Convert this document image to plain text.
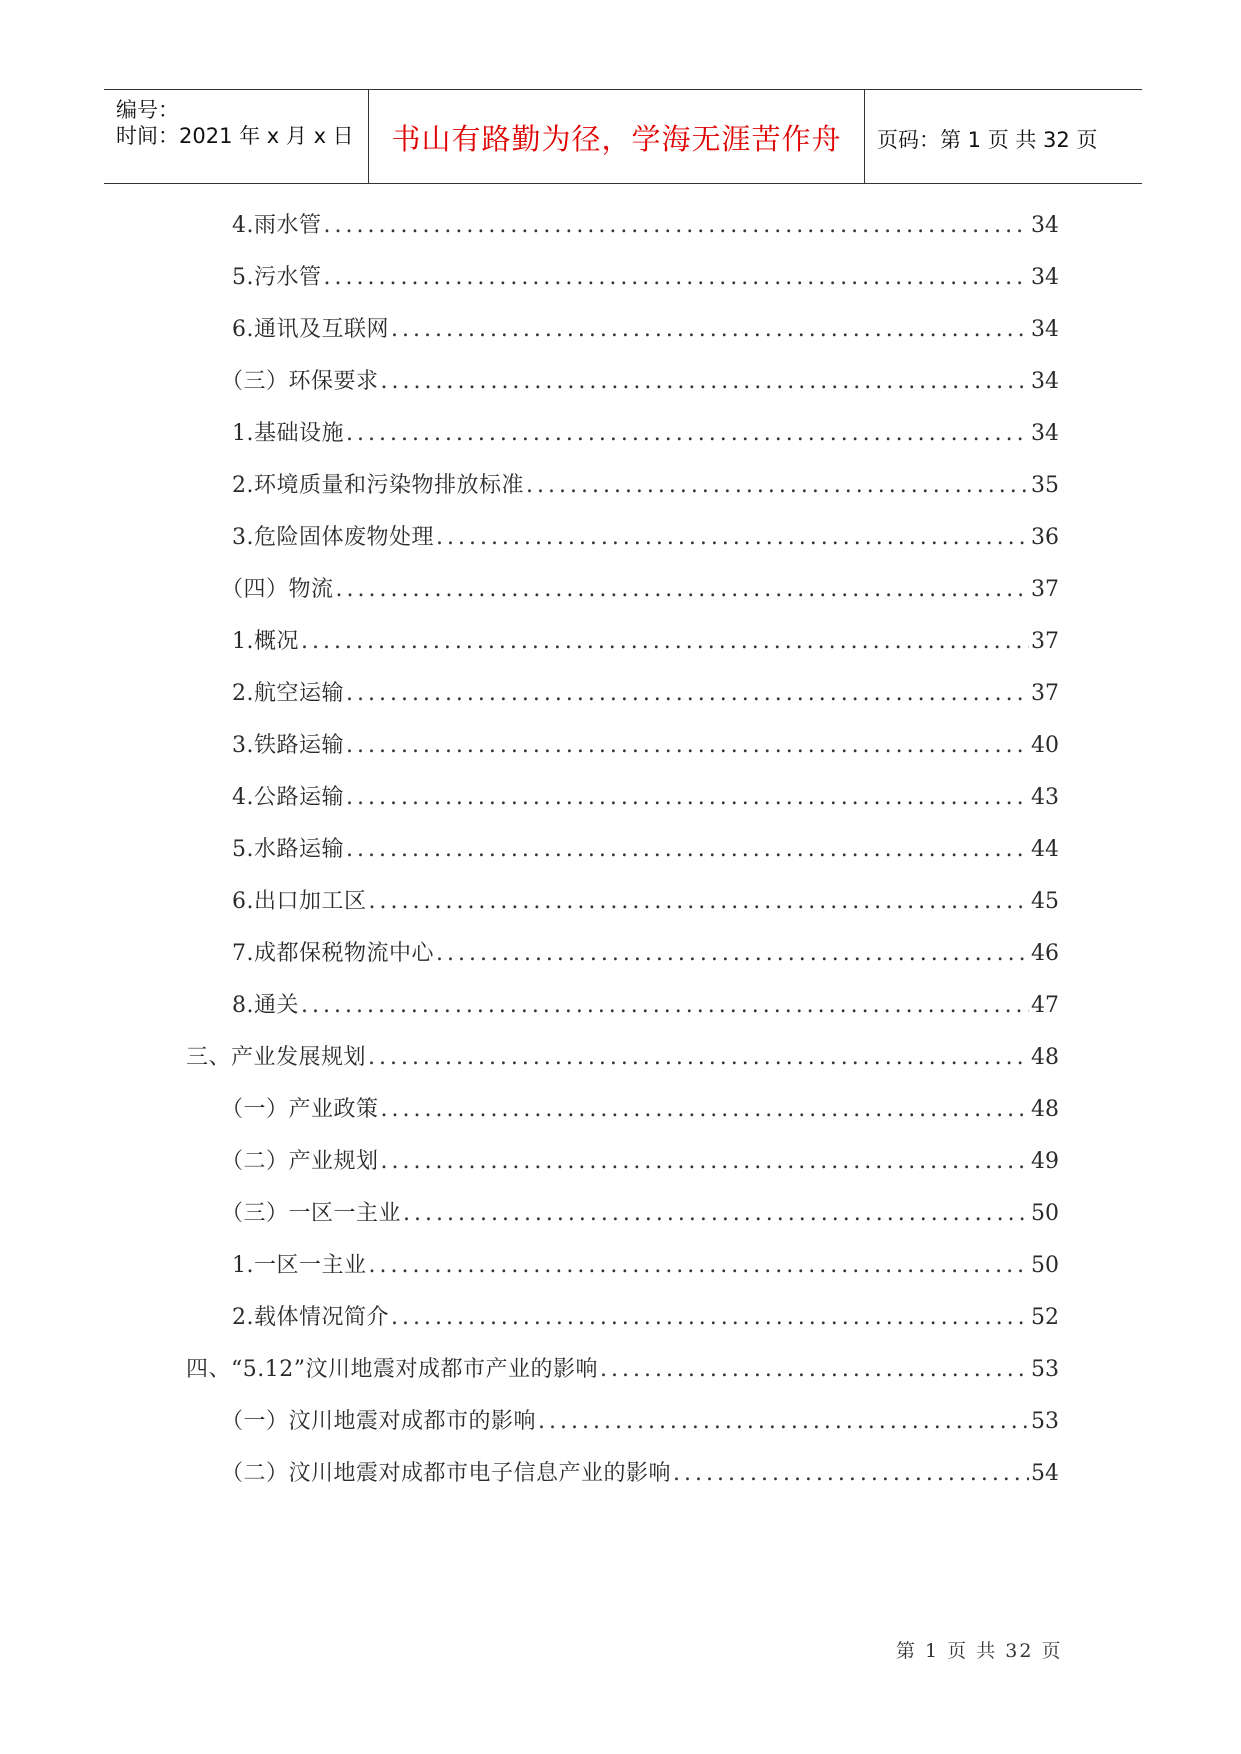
编号：
时间：2021 年 x 月 x 日	书山有路勤为径，学海无涯苦作舟	页码：第 1 页 共 32 页
4.雨水管 .....	34
5.污水管 .....	34
6.通讯及互联网 .....	34
（三）环保要求 .....	34
1.基础设施 .....	34
2.环境质量和污染物排放标准 .....	35
3.危险固体废物处理 .....	36
（四）物流 .....	37
1.概况 .....	37
2.航空运输 .....	37
3.铁路运输 .....	40
4.公路运输 .....	43
5.水路运输 .....	44
6.出口加工区 .....	45
7.成都保税物流中心 .....	46
8.通关 .....	47
三、产业发展规划 .....	48
（一）产业政策 .....	48
（二）产业规划 .....	49
（三）一区一主业 .....	50
1.一区一主业 .....	50
2.载体情况简介 .....	52
四、“5.12”汶川地震对成都市产业的影响 .....	53
（一）汶川地震对成都市的影响 .....	53
（二）汶川地震对成都市电子信息产业的影响 .....	54
第 1 页 共 32 页
